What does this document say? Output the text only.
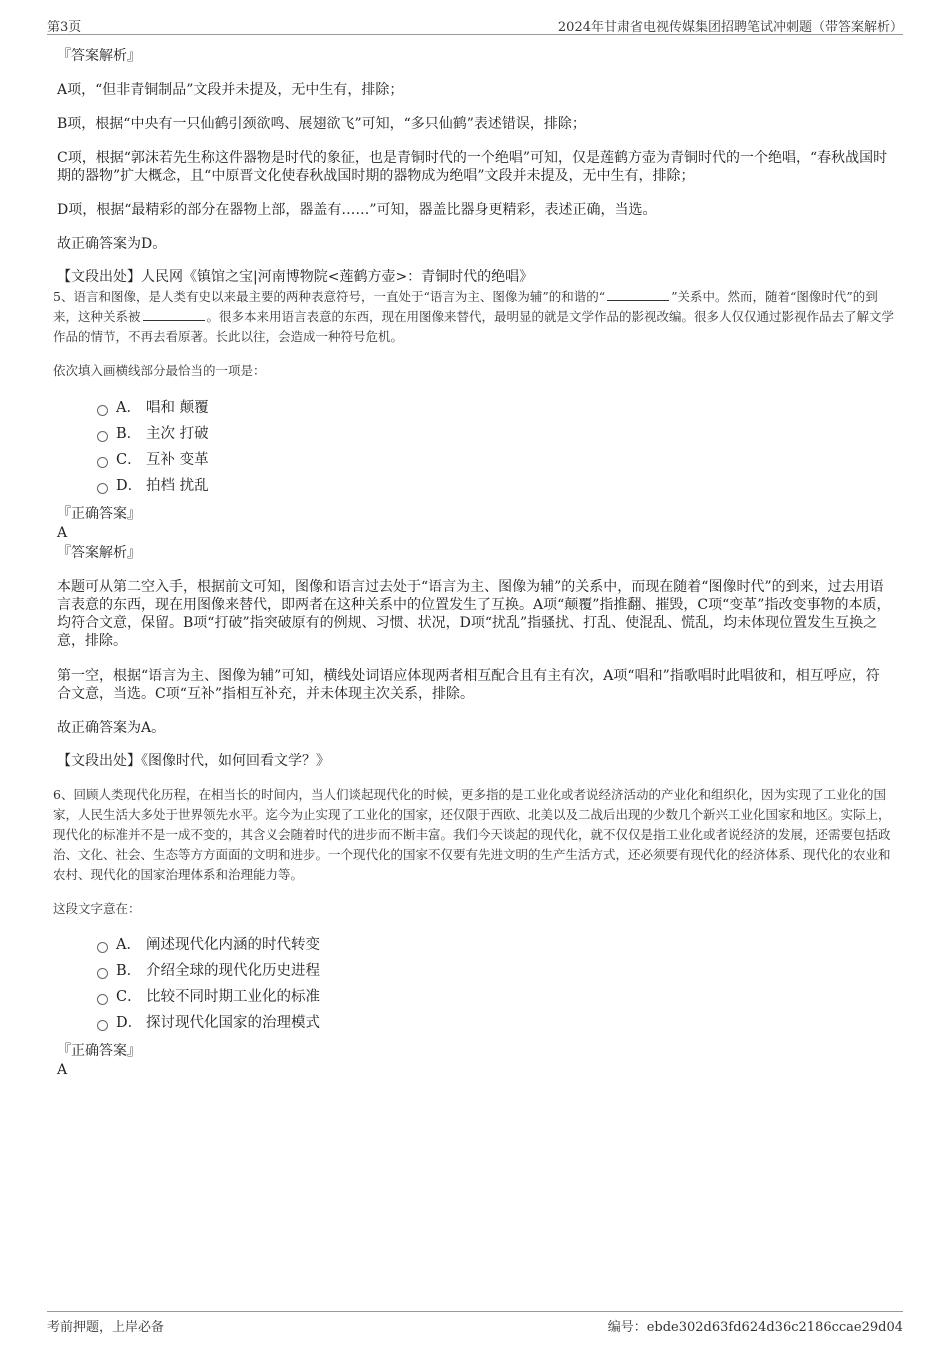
第3页	2024年甘肃省电视传媒集团招聘笔试冲刺题（带答案解析）
『答案解析』
A项，“但非青铜制品”文段并未提及，无中生有，排除；
B项，根据“中央有一只仙鹤引颈欲鸣、展翅欲飞”可知，“多只仙鹤”表述错误，排除；
C项，根据“郭沫若先生称这件器物是时代的象征，也是青铜时代的一个绝唱”可知，仅是莲鹤方壶为青铜时代的一个绝唱，“春秋战国时期的器物”扩大概念，且“中原晋文化使春秋战国时期的器物成为绝唱”文段并未提及，无中生有，排除；
D项，根据“最精彩的部分在器物上部，器盖有……”可知，器盖比器身更精彩，表述正确，当选。
故正确答案为D。
【文段出处】人民网《镇馆之宝|河南博物院<莲鹤方壶>：青铜时代的绝唱》
5、语言和图像，是人类有史以来最主要的两种表意符号，一直处于“语言为主、图像为辅”的和谐的“	”关系中。然而，随着“图像时代”的到来，这种关系被	。很多本来用语言表意的东西，现在用图像来替代，最明显的就是文学作品的影视改编。很多人仅仅通过影视作品去了解文学作品的情节，不再去看原著。长此以往，会造成一种符号危机。
依次填入画横线部分最恰当的一项是：
A． 唱和 颠覆
B． 主次 打破
C． 互补 变革
D． 拍档 扰乱
『正确答案』
A
『答案解析』
本题可从第二空入手，根据前文可知，图像和语言过去处于“语言为主、图像为辅”的关系中，而现在随着“图像时代”的到来，过去用语言表意的东西，现在用图像来替代，即两者在这种关系中的位置发生了互换。A项“颠覆”指推翻、摧毁，C项“变革”指改变事物的本质，均符合文意，保留。B项“打破”指突破原有的例规、习惯、状况，D项“扰乱”指骚扰、打乱、使混乱、慌乱，均未体现位置发生互换之意，排除。
第一空，根据“语言为主、图像为辅”可知，横线处词语应体现两者相互配合且有主有次，A项“唱和”指歌唱时此唱彼和，相互呼应，符合文意，当选。C项“互补”指相互补充，并未体现主次关系，排除。
故正确答案为A。
【文段出处】《图像时代，如何回看文学？》
6、回顾人类现代化历程，在相当长的时间内，当人们谈起现代化的时候，更多指的是工业化或者说经济活动的产业化和组织化，因为实现了工业化的国家，人民生活大多处于世界领先水平。迄今为止实现了工业化的国家，还仅限于西欧、北美以及二战后出现的少数几个新兴工业化国家和地区。实际上，现代化的标准并不是一成不变的，其含义会随着时代的进步而不断丰富。我们今天谈起的现代化，就不仅仅是指工业化或者说经济的发展，还需要包括政治、文化、社会、生态等方方面面的文明和进步。一个现代化的国家不仅要有先进文明的生产生活方式，还必须要有现代化的经济体系、现代化的农业和农村、现代化的国家治理体系和治理能力等。
这段文字意在：
A． 阐述现代化内涵的时代转变
B． 介绍全球的现代化历史进程
C． 比较不同时期工业化的标准
D． 探讨现代化国家的治理模式
『正确答案』
A
考前押题，上岸必备	编号：ebde302d63fd624d36c2186ccae29d04
